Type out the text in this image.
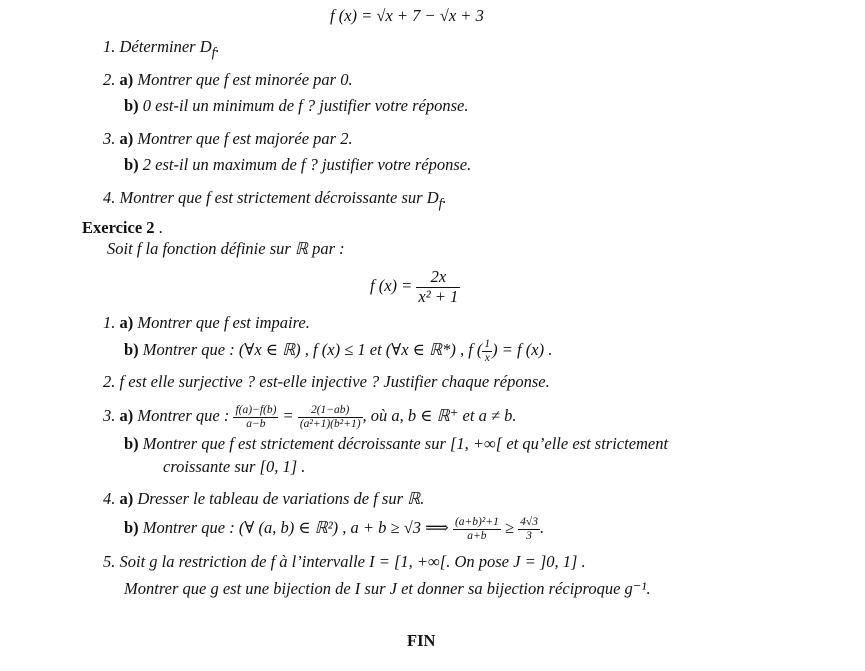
f (x) = √x + 7 − √x + 3
1. Déterminer $D_f$.
2. a) Montrer que f est minorée par 0.
b) 0 est-il un minimum de f ? justifier votre réponse.
3. a) Montrer que f est majorée par 2.
b) 2 est-il un maximum de f ? justifier votre réponse.
4. Montrer que f est strictement décroissante sur $D_f$.
Exercice 2 .
Soit f la fonction définie sur ℝ par :
f $(x) = \frac{2x}{\text{x² + 1}}$
1. a) Montrer que f est impaire.
b) Montrer que : (∀x ∈ ℝ) , f (x) ≤ 1 et (∀x ∈ ℝ*) , f ( $\frac{1}{x}$ ) = f (x) .
2. f est elle surjective ? est-elle injective ? Justifier chaque réponse.
3. a) Montrer que : $\frac{f(a)-f(b)}{a-b} = \frac{2(1-ab)}{\text{(a²+1)(b²+1)}}$ , où a, b ∈ ℝ⁺ et a ≠ b.
b) Montrer que f est strictement décroissante sur [1, +∞[ et qu’elle est strictement
croissante sur [0, 1] .
4. a) Dresser le tableau de variations de f sur ℝ.
b) Montrer que : (∀ (a, b) ∈ ℝ²) , a + b ≥ √3 ⟹ $\frac{\text{(a+b)²+1}}{a+b} \ge \frac{4√3}{3}$ .
5. Soit g la restriction de f à l’intervalle I = [1, +∞[. On pose J = ]0, 1] .
Montrer que g est une bijection de I sur J et donner sa bijection réciproque g⁻¹.
FIN
